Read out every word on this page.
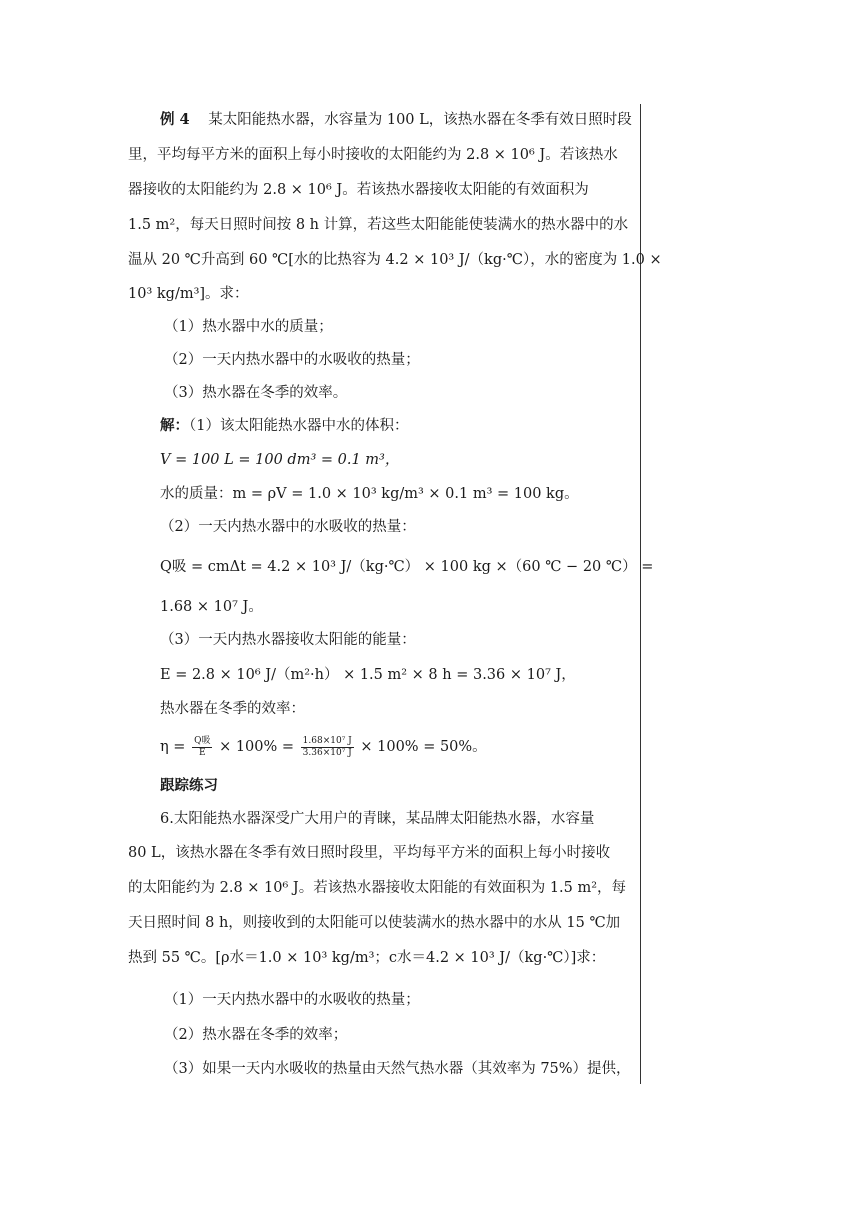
例 4 某太阳能热水器，水容量为 100 L，该热水器在冬季有效日照时段
里，平均每平方米的面积上每小时接收的太阳能约为 2.8 × 10⁶ J。若该热水
器接收的太阳能约为 2.8 × 10⁶ J。若该热水器接收太阳能的有效面积为
1.5 m²，每天日照时间按 8 h 计算，若这些太阳能能使装满水的热水器中的水
温从 20 ℃升高到 60 ℃[水的比热容为 4.2 × 10³ J/（kg·℃），水的密度为 1.0 ×
10³ kg/m³]。求：
（1）热水器中水的质量；
（2）一天内热水器中的水吸收的热量；
（3）热水器在冬季的效率。
解：（1）该太阳能热水器中水的体积：
V = 100 L = 100 dm³ = 0.1 m³，
水的质量：m = ρV = 1.0 × 10³ kg/m³ × 0.1 m³ = 100 kg。
（2）一天内热水器中的水吸收的热量：
Q吸 = cmΔt = 4.2 × 10³ J/（kg·℃） × 100 kg ×（60 ℃ − 20 ℃） =
1.68 × 10⁷ J。
（3）一天内热水器接收太阳能的能量：
E = 2.8 × 10⁶ J/（m²·h） × 1.5 m² × 8 h = 3.36 × 10⁷ J，
热水器在冬季的效率：
$\eta = \frac{\text{Q吸}}{E} \times 100\% = \frac{\text{1.68×10⁷ J}}{\text{3.36×10⁷ J}} \times 100\% = 50\%$。
跟踪练习
6.太阳能热水器深受广大用户的青睐，某品牌太阳能热水器，水容量
80 L，该热水器在冬季有效日照时段里，平均每平方米的面积上每小时接收
的太阳能约为 2.8 × 10⁶ J。若该热水器接收太阳能的有效面积为 1.5 m²，每
天日照时间 8 h，则接收到的太阳能可以使装满水的热水器中的水从 15 ℃加
热到 55 ℃。[ρ水＝1.0 × 10³ kg/m³；c水＝4.2 × 10³ J/（kg·℃）]求：
（1）一天内热水器中的水吸收的热量；
（2）热水器在冬季的效率；
（3）如果一天内水吸收的热量由天然气热水器（其效率为 75%）提供，
